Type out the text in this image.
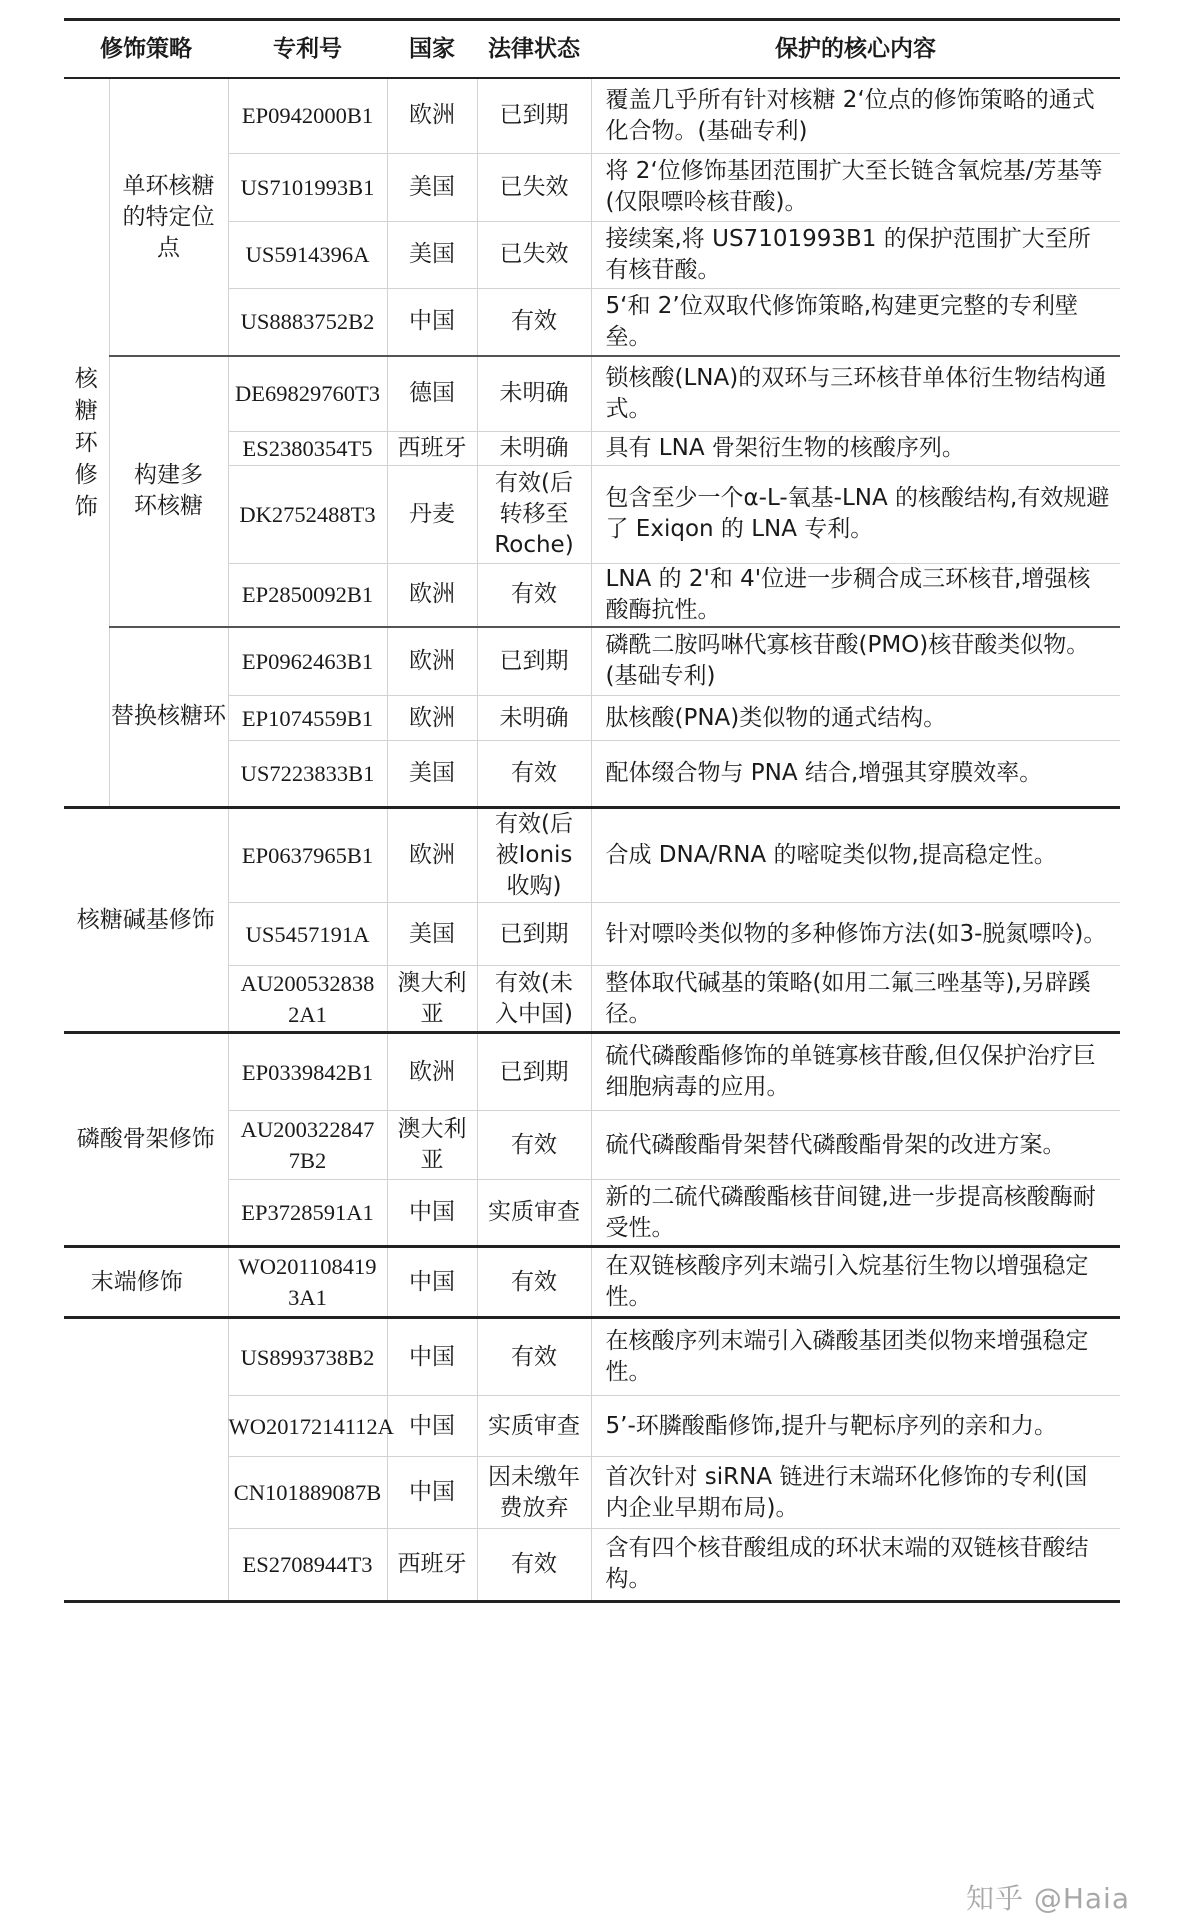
修饰策略		专利号	国家	法律状态	保护的核心内容
核糖环修饰	单环核糖的特定位点	EP0942000B1	欧洲	已到期	覆盖几乎所有针对核糖 2‘位点的修饰策略的通式化合物。(基础专利)
		US7101993B1	美国	已失效	将 2‘位修饰基团范围扩大至长链含氧烷基/芳基等(仅限嘌呤核苷酸)。
		US5914396A	美国	已失效	接续案,将 US7101993B1 的保护范围扩大至所有核苷酸。
		US8883752B2	中国	有效	5‘和 2’位双取代修饰策略,构建更完整的专利壁垒。
	构建多环核糖	DE69829760T3	德国	未明确	锁核酸(LNA)的双环与三环核苷单体衍生物结构通式。
		ES2380354T5	西班牙	未明确	具有 LNA 骨架衍生物的核酸序列。
		DK2752488T3	丹麦	有效(后转移至Roche)	包含至少一个α-L-氧基-LNA 的核酸结构,有效规避了 Exiqon 的 LNA 专利。
		EP2850092B1	欧洲	有效	LNA 的 2'和 4'位进一步稠合成三环核苷,增强核酸酶抗性。
	替换核糖环	EP0962463B1	欧洲	已到期	磷酰二胺吗啉代寡核苷酸(PMO)核苷酸类似物。(基础专利)
		EP1074559B1	欧洲	未明确	肽核酸(PNA)类似物的通式结构。
		US7223833B1	美国	有效	配体缀合物与 PNA 结合,增强其穿膜效率。
核糖碱基修饰		EP0637965B1	欧洲	有效(后被Ionis 收购)	合成 DNA/RNA 的嘧啶类似物,提高稳定性。
		US5457191A	美国	已到期	针对嘌呤类似物的多种修饰方法(如3-脱氮嘌呤)。
		AU2005328382A1	澳大利亚	有效(未入中国)	整体取代碱基的策略(如用二氟三唑基等),另辟蹊径。
磷酸骨架修饰		EP0339842B1	欧洲	已到期	硫代磷酸酯修饰的单链寡核苷酸,但仅保护治疗巨细胞病毒的应用。
		AU2003228477B2	澳大利亚	有效	硫代磷酸酯骨架替代磷酸酯骨架的改进方案。
		EP3728591A1	中国	实质审查	新的二硫代磷酸酯核苷间键,进一步提高核酸酶耐受性。
末端修饰		WO2011084193A1	中国	有效	在双链核酸序列末端引入烷基衍生物以增强稳定性。
		US8993738B2	中国	有效	在核酸序列末端引入磷酸基团类似物来增强稳定性。
		WO2017214112A	中国	实质审查	5’-环膦酸酯修饰,提升与靶标序列的亲和力。
		CN101889087B	中国	因未缴年费放弃	首次针对 siRNA 链进行末端环化修饰的专利(国内企业早期布局)。
		ES2708944T3	西班牙	有效	含有四个核苷酸组成的环状末端的双链核苷酸结构。
知乎 @Haia
